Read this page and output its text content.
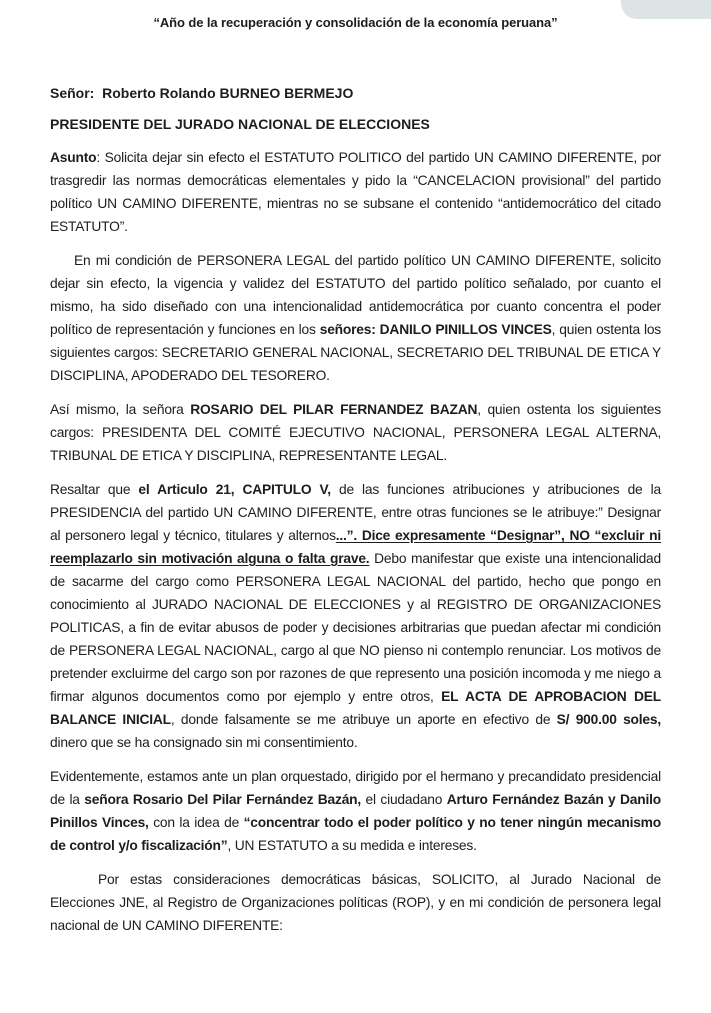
“Año de la recuperación y consolidación de la economía peruana”
Señor:  Roberto Rolando BURNEO BERMEJO
PRESIDENTE DEL JURADO NACIONAL DE ELECCIONES

Asunto: Solicita dejar sin efecto el ESTATUTO POLITICO del partido UN CAMINO DIFERENTE, por trasgredir las normas democráticas elementales y pido la “CANCELACION provisional” del partido político UN CAMINO DIFERENTE, mientras no se subsane el contenido “antidemocrático del citado ESTATUTO”.

En mi condición de PERSONERA LEGAL del partido político UN CAMINO DIFERENTE, solicito dejar sin efecto, la vigencia y validez del ESTATUTO del partido político señalado, por cuanto el mismo, ha sido diseñado con una intencionalidad antidemocrática por cuanto concentra el poder político de representación y funciones en los señores: DANILO PINILLOS VINCES, quien ostenta los siguientes cargos: SECRETARIO GENERAL NACIONAL, SECRETARIO DEL TRIBUNAL DE ETICA Y DISCIPLINA, APODERADO DEL TESORERO.

Así mismo, la señora ROSARIO DEL PILAR FERNANDEZ BAZAN, quien ostenta los siguientes cargos: PRESIDENTA DEL COMITÉ EJECUTIVO NACIONAL, PERSONERA LEGAL ALTERNA, TRIBUNAL DE ETICA Y DISCIPLINA, REPRESENTANTE LEGAL.

Resaltar que el Articulo 21, CAPITULO V, de las funciones atribuciones y atribuciones de la PRESIDENCIA del partido UN CAMINO DIFERENTE, entre otras funciones se le atribuye:” Designar al personero legal y técnico, titulares y alternos...”. Dice expresamente “Designar”, NO “excluir ni reemplazarlo sin motivación alguna o falta grave. Debo manifestar que existe una intencionalidad de sacarme del cargo como PERSONERA LEGAL NACIONAL del partido, hecho que pongo en conocimiento al JURADO NACIONAL DE ELECCIONES y al REGISTRO DE ORGANIZACIONES POLITICAS, a fin de evitar abusos de poder y decisiones arbitrarias que puedan afectar mi condición de PERSONERA LEGAL NACIONAL, cargo al que NO pienso ni contemplo renunciar. Los motivos de pretender excluirme del cargo son por razones de que represento una posición incomoda y me niego a firmar algunos documentos como por ejemplo y entre otros, EL ACTA DE APROBACION DEL BALANCE INICIAL, donde falsamente se me atribuye un aporte en efectivo de S/ 900.00 soles, dinero que se ha consignado sin mi consentimiento.

Evidentemente, estamos ante un plan orquestado, dirigido por el hermano y precandidato presidencial de la señora Rosario Del Pilar Fernández Bazán, el ciudadano Arturo Fernández Bazán y Danilo Pinillos Vinces, con la idea de “concentrar todo el poder político y no tener ningún mecanismo de control y/o fiscalización”, UN ESTATUTO a su medida e intereses.

Por estas consideraciones democráticas básicas, SOLICITO, al Jurado Nacional de Elecciones JNE, al Registro de Organizaciones políticas (ROP), y en mi condición de personera legal nacional de UN CAMINO DIFERENTE:
